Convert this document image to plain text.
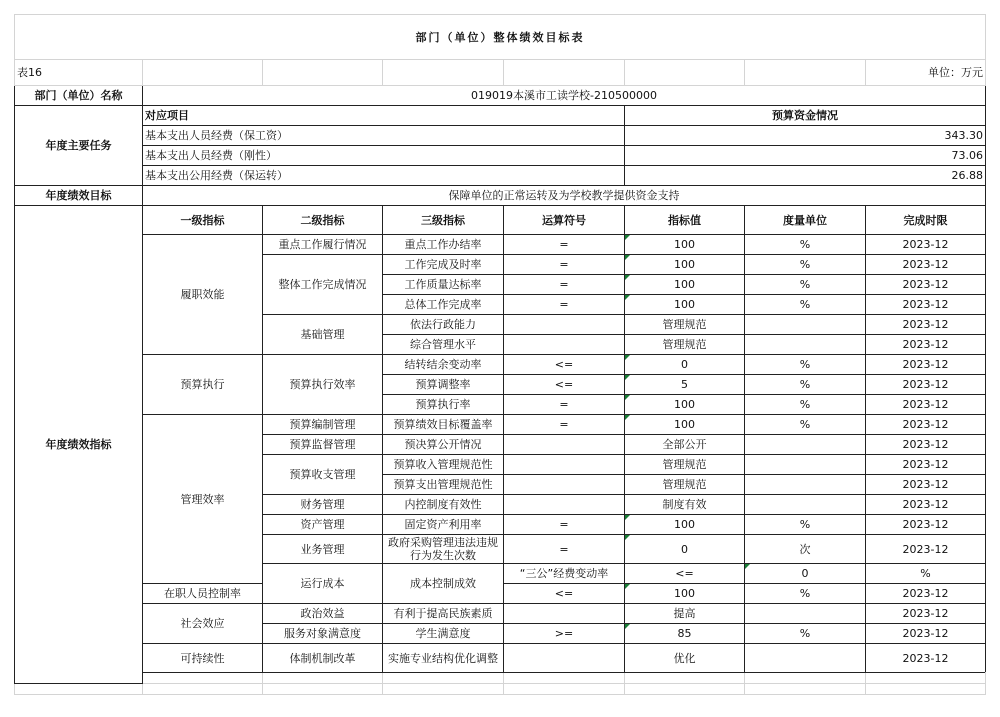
部门（单位）整体绩效目标表								
表16							单位：万元	
部门（单位）名称	019019本溪市工读学校-210500000							
年度主要任务	对应项目				预算资金情况			
	基本支出人员经费（保工资）				343.30			
	基本支出人员经费（刚性）				73.06			
	基本支出公用经费（保运转）				26.88			
年度绩效目标	保障单位的正常运转及为学校教学提供资金支持							
年度绩效指标	一级指标	二级指标	三级指标	运算符号	指标值	度量单位	完成时限	
	履职效能	重点工作履行情况	重点工作办结率	=	100	%	2023-12	
		整体工作完成情况	工作完成及时率	=	100	%	2023-12	
			工作质量达标率	=	100	%	2023-12	
			总体工作完成率	=	100	%	2023-12	
		基础管理	依法行政能力		管理规范		2023-12	
			综合管理水平		管理规范		2023-12	
	预算执行	预算执行效率	结转结余变动率	<=	0	%	2023-12	
			预算调整率	<=	5	%	2023-12	
			预算执行率	=	100	%	2023-12	
	管理效率	预算编制管理	预算绩效目标覆盖率	=	100	%	2023-12	
		预算监督管理	预决算公开情况		全部公开		2023-12	
		预算收支管理	预算收入管理规范性		管理规范		2023-12	
			预算支出管理规范性		管理规范		2023-12	
		财务管理	内控制度有效性		制度有效		2023-12	
		资产管理	固定资产利用率	=	100	%	2023-12	
		业务管理	政府采购管理违法违规行为发生次数	=	0	次	2023-12	
		运行成本	成本控制成效	“三公”经费变动率	<=	0	%	
	在职人员控制率			<=	100	%	2023-12	
	社会效应	政治效益	有利于提高民族素质		提高		2023-12	
		服务对象满意度	学生满意度	>=	85	%	2023-12	
	可持续性	体制机制改革	实施专业结构优化调整		优化		2023-12	
